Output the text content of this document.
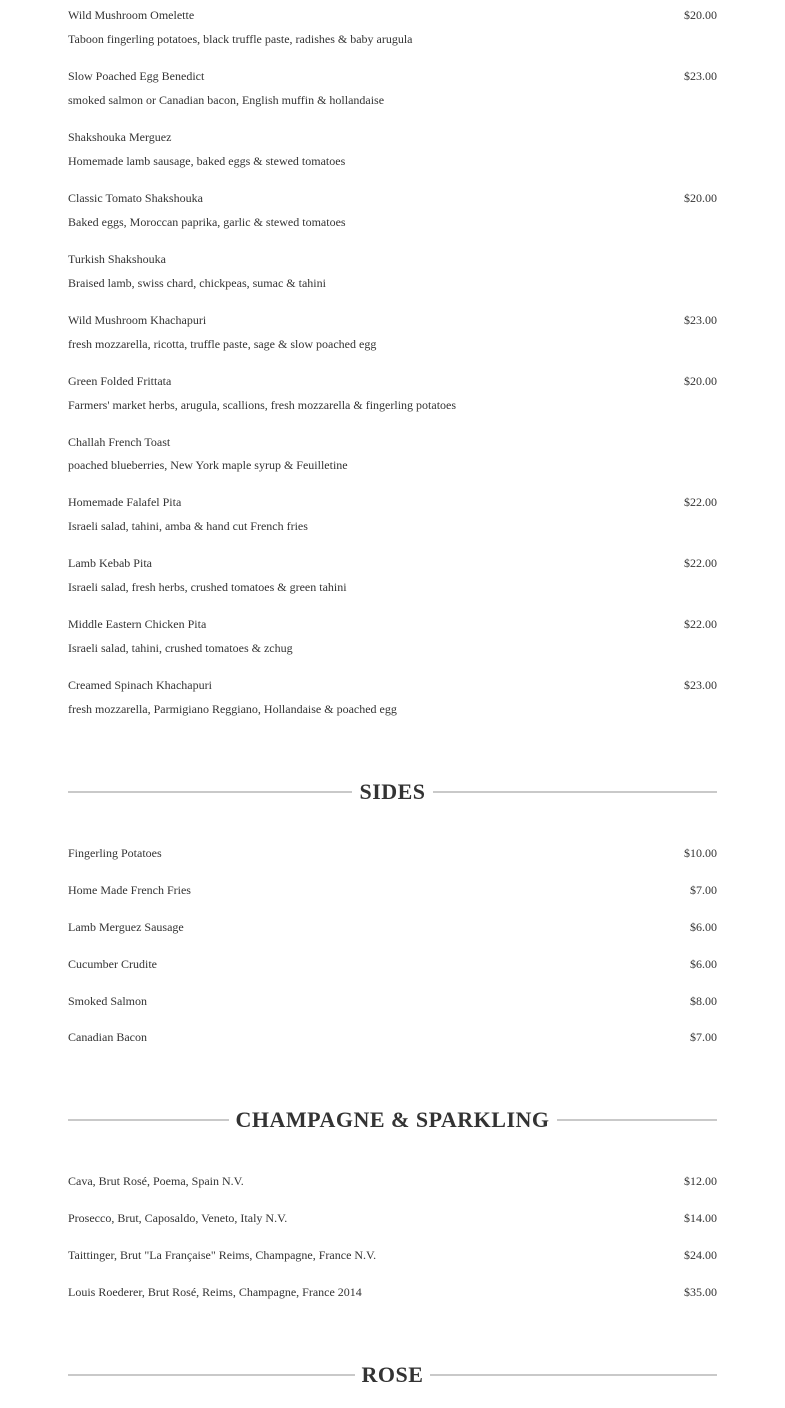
Wild Mushroom Omelette
Taboon fingerling potatoes, black truffle paste, radishes & baby arugula
$20.00
Slow Poached Egg Benedict
smoked salmon or Canadian bacon, English muffin & hollandaise
$23.00
Shakshouka Merguez
Homemade lamb sausage, baked eggs & stewed tomatoes
Classic Tomato Shakshouka
Baked eggs, Moroccan paprika, garlic & stewed tomatoes
$20.00
Turkish Shakshouka
Braised lamb, swiss chard, chickpeas, sumac & tahini
Wild Mushroom Khachapuri
fresh mozzarella, ricotta, truffle paste, sage & slow poached egg
$23.00
Green Folded Frittata
Farmers' market herbs, arugula, scallions, fresh mozzarella & fingerling potatoes
$20.00
Challah French Toast
poached blueberries, New York maple syrup & Feuilletine
Homemade Falafel Pita
Israeli salad, tahini, amba & hand cut French fries
$22.00
Lamb Kebab Pita
Israeli salad, fresh herbs, crushed tomatoes & green tahini
$22.00
Middle Eastern Chicken Pita
Israeli salad, tahini, crushed tomatoes & zchug
$22.00
Creamed Spinach Khachapuri
fresh mozzarella, Parmigiano Reggiano, Hollandaise & poached egg
$23.00
SIDES
Fingerling Potatoes	$10.00
Home Made French Fries	$7.00
Lamb Merguez Sausage	$6.00
Cucumber Crudite	$6.00
Smoked Salmon	$8.00
Canadian Bacon	$7.00
CHAMPAGNE & SPARKLING
Cava, Brut Rosé, Poema, Spain N.V.	$12.00
Prosecco, Brut, Caposaldo, Veneto, Italy N.V.	$14.00
Taittinger, Brut "La Française" Reims, Champagne, France N.V.	$24.00
Louis Roederer, Brut Rosé, Reims, Champagne, France 2014	$35.00
ROSE
